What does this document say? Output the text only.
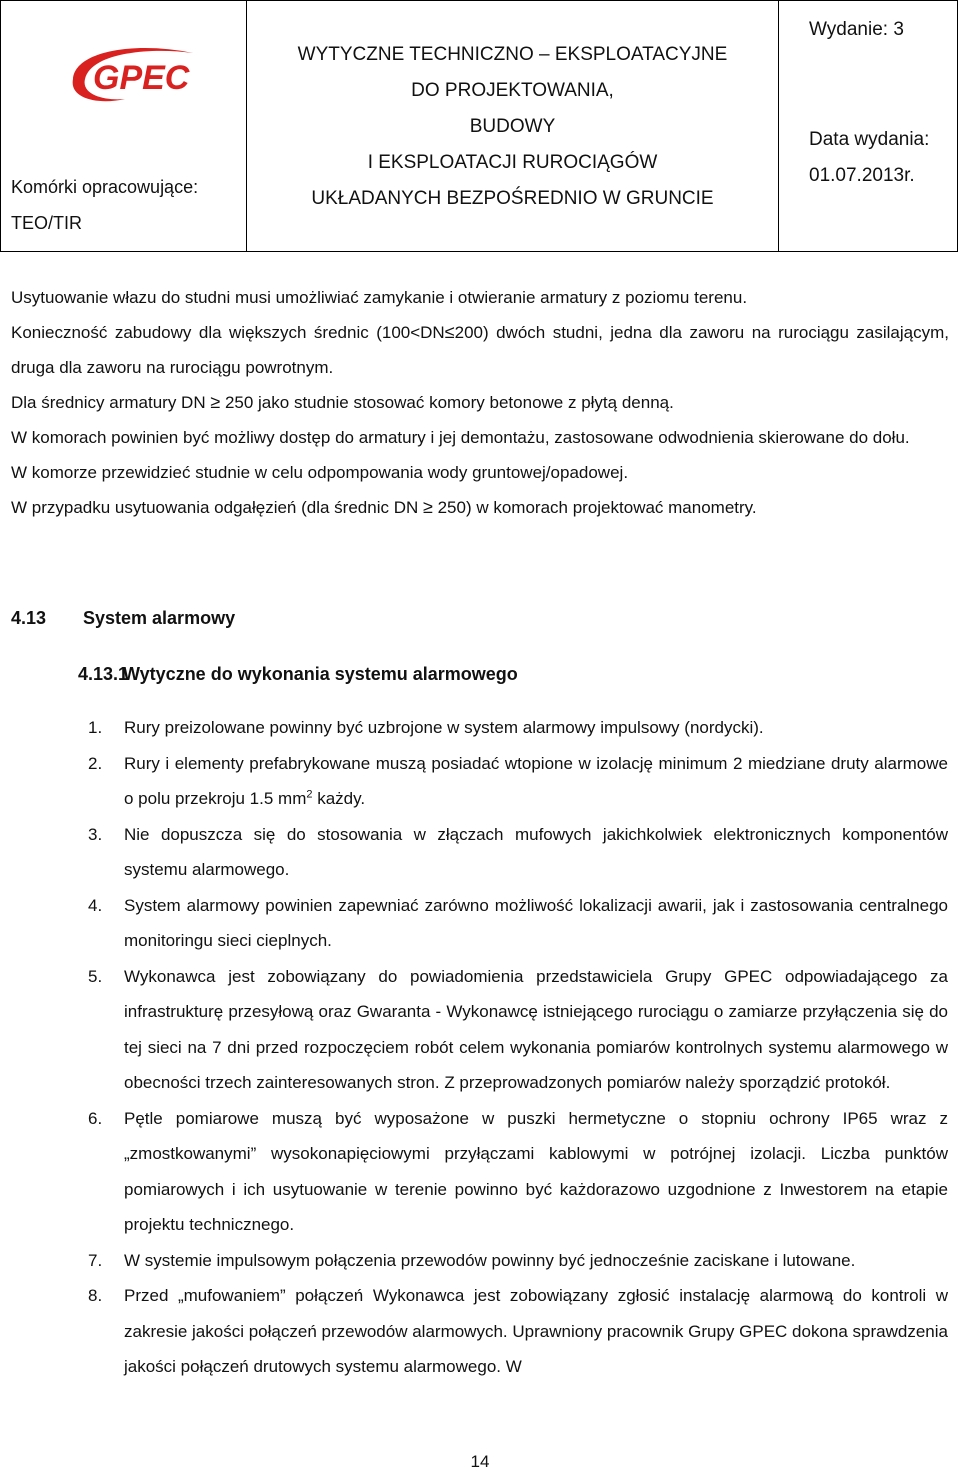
GPEC
Komórki opracowujące:
TEO/TIR
WYTYCZNE TECHNICZNO – EKSPLOATACYJNE
DO PROJEKTOWANIA,
BUDOWY
I EKSPLOATACJI RUROCIĄGÓW
UKŁADANYCH BEZPOŚREDNIO W GRUNCIE
Wydanie: 3
Data wydania:
01.07.2013r.

Usytuowanie włazu do studni musi umożliwiać zamykanie i otwieranie armatury z poziomu terenu.

Konieczność zabudowy dla większych średnic (100<DN≤200) dwóch studni, jedna dla zaworu na rurociągu zasilającym, druga dla zaworu na rurociągu powrotnym.

Dla średnicy armatury DN ≥ 250 jako studnie stosować komory betonowe z płytą denną.

W komorach powinien być możliwy dostęp do armatury i jej demontażu, zastosowane odwodnienia skierowane do dołu.

W komorze przewidzieć studnie w celu odpompowania wody gruntowej/opadowej.

W przypadku usytuowania odgałęzień (dla średnic DN ≥ 250) w komorach projektować manometry.

4.13 System alarmowy
4.13.1Wytyczne do wykonania systemu alarmowego
1. Rury preizolowane powinny być uzbrojone w system alarmowy impulsowy (nordycki).
2. Rury i elementy prefabrykowane muszą posiadać wtopione w izolację minimum 2 miedziane druty alarmowe o polu przekroju 1.5 $mm^2$ każdy.
3. Nie dopuszcza się do stosowania w złączach mufowych jakichkolwiek elektronicznych komponentów systemu alarmowego.
4. System alarmowy powinien zapewniać zarówno możliwość lokalizacji awarii, jak i zastosowania centralnego monitoringu sieci cieplnych.
5. Wykonawca jest zobowiązany do powiadomienia przedstawiciela Grupy GPEC odpowiadającego za infrastrukturę przesyłową oraz Gwaranta - Wykonawcę istniejącego rurociągu o zamiarze przyłączenia się do tej sieci na 7 dni przed rozpoczęciem robót celem wykonania pomiarów kontrolnych systemu alarmowego w obecności trzech zainteresowanych stron. Z przeprowadzonych pomiarów należy sporządzić protokół.
6. Pętle pomiarowe muszą być wyposażone w puszki hermetyczne o stopniu ochrony IP65 wraz z „zmostkowanymi” wysokonapięciowymi przyłączami kablowymi w potrójnej izolacji. Liczba punktów pomiarowych i ich usytuowanie w terenie powinno być każdorazowo uzgodnione z Inwestorem na etapie projektu technicznego.
7. W systemie impulsowym połączenia przewodów powinny być jednocześnie zaciskane i lutowane.
8. Przed „mufowaniem” połączeń Wykonawca jest zobowiązany zgłosić instalację alarmową do kontroli w zakresie jakości połączeń przewodów alarmowych. Uprawniony pracownik Grupy GPEC dokona sprawdzenia jakości połączeń drutowych systemu alarmowego. W
14
